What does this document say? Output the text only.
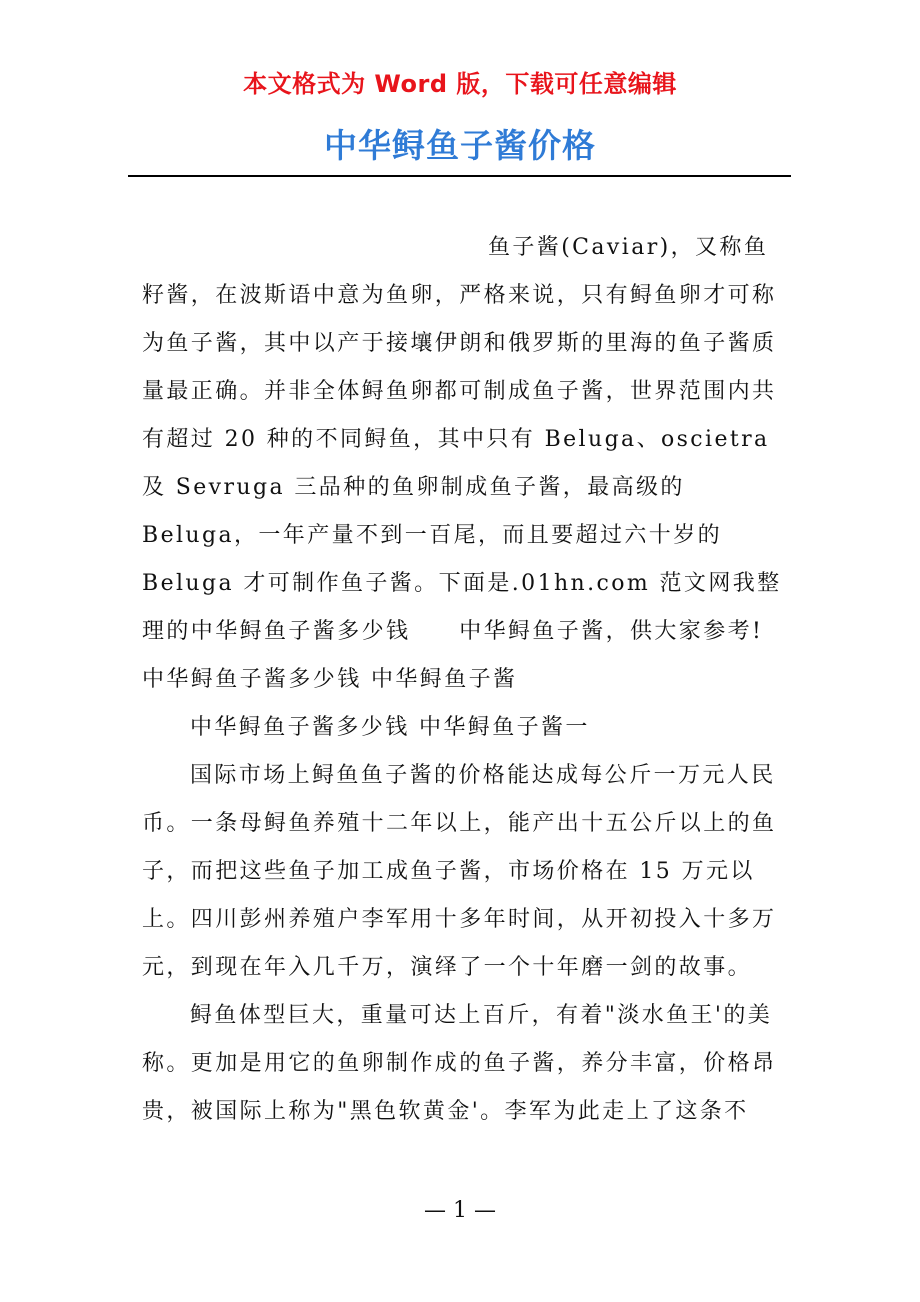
本文格式为 Word 版，下载可任意编辑
中华鲟鱼子酱价格

鱼子酱(Caviar)，又称鱼籽酱，在波斯语中意为鱼卵，严格来说，只有鲟鱼卵才可称为鱼子酱，其中以产于接壤伊朗和俄罗斯的里海的鱼子酱质量最正确。并非全体鲟鱼卵都可制成鱼子酱，世界范围内共有超过 20 种的不同鲟鱼，其中只有 Beluga、oscietra 及 Sevruga 三品种的鱼卵制成鱼子酱，最高级的 Beluga，一年产量不到一百尾，而且要超过六十岁的 Beluga 才可制作鱼子酱。下面是.01hn.com 范文网我整理的中华鲟鱼子酱多少钱　　中华鲟鱼子酱，供大家参考!　　中华鲟鱼子酱多少钱 中华鲟鱼子酱

中华鲟鱼子酱多少钱 中华鲟鱼子酱一

国际市场上鲟鱼鱼子酱的价格能达成每公斤一万元人民币。一条母鲟鱼养殖十二年以上，能产出十五公斤以上的鱼子，而把这些鱼子加工成鱼子酱，市场价格在 15 万元以上。四川彭州养殖户李军用十多年时间，从开初投入十多万元，到现在年入几千万，演绎了一个十年磨一剑的故事。

鲟鱼体型巨大，重量可达上百斤，有着"淡水鱼王'的美称。更加是用它的鱼卵制作成的鱼子酱，养分丰富，价格昂贵，被国际上称为"黑色软黄金'。李军为此走上了这条不

— 1 —
